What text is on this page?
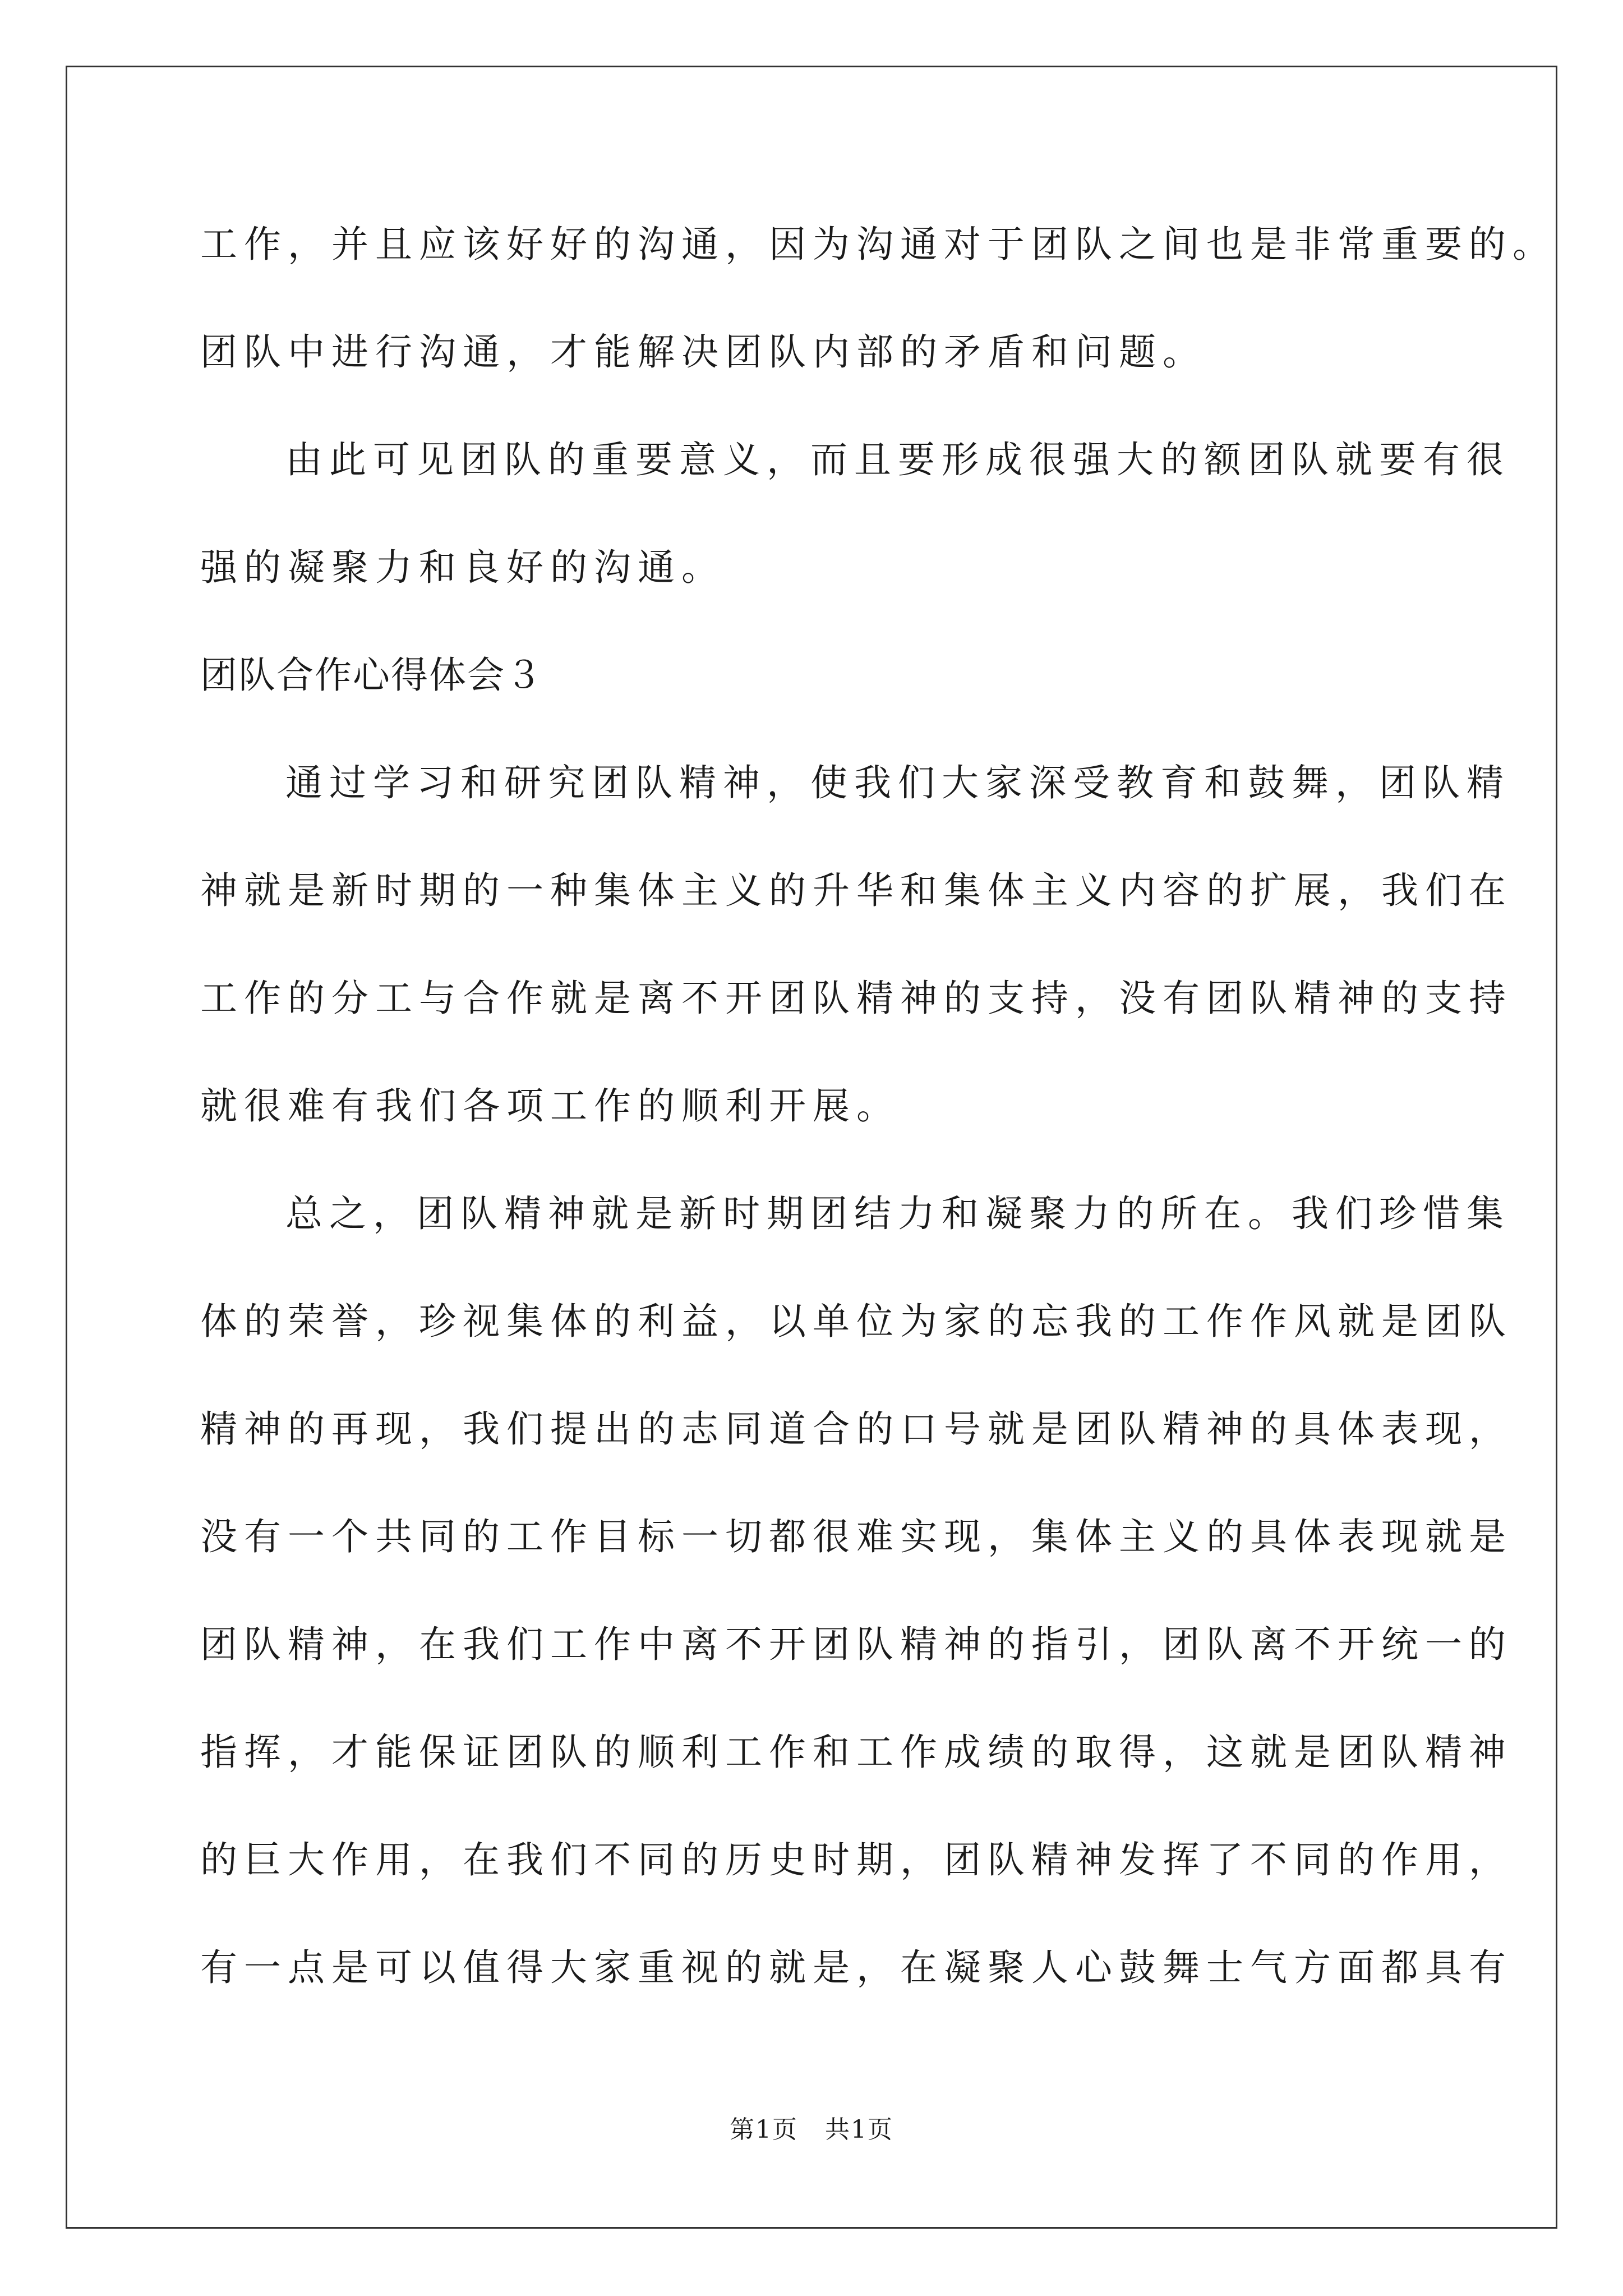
工作，并且应该好好的沟通，因为沟通对于团队之间也是非常重要的。
团队中进行沟通，才能解决团队内部的矛盾和问题。
由此可见团队的重要意义，而且要形成很强大的额团队就要有很
强的凝聚力和良好的沟通。
团队合作心得体会３
通过学习和研究团队精神，使我们大家深受教育和鼓舞，团队精
神就是新时期的一种集体主义的升华和集体主义内容的扩展，我们在
工作的分工与合作就是离不开团队精神的支持，没有团队精神的支持
就很难有我们各项工作的顺利开展。
总之，团队精神就是新时期团结力和凝聚力的所在。我们珍惜集
体的荣誉，珍视集体的利益，以单位为家的忘我的工作作风就是团队
精神的再现，我们提出的志同道合的口号就是团队精神的具体表现，
没有一个共同的工作目标一切都很难实现，集体主义的具体表现就是
团队精神，在我们工作中离不开团队精神的指引，团队离不开统一的
指挥，才能保证团队的顺利工作和工作成绩的取得，这就是团队精神
的巨大作用，在我们不同的历史时期，团队精神发挥了不同的作用，
有一点是可以值得大家重视的就是，在凝聚人心鼓舞士气方面都具有
第1页   共1页
